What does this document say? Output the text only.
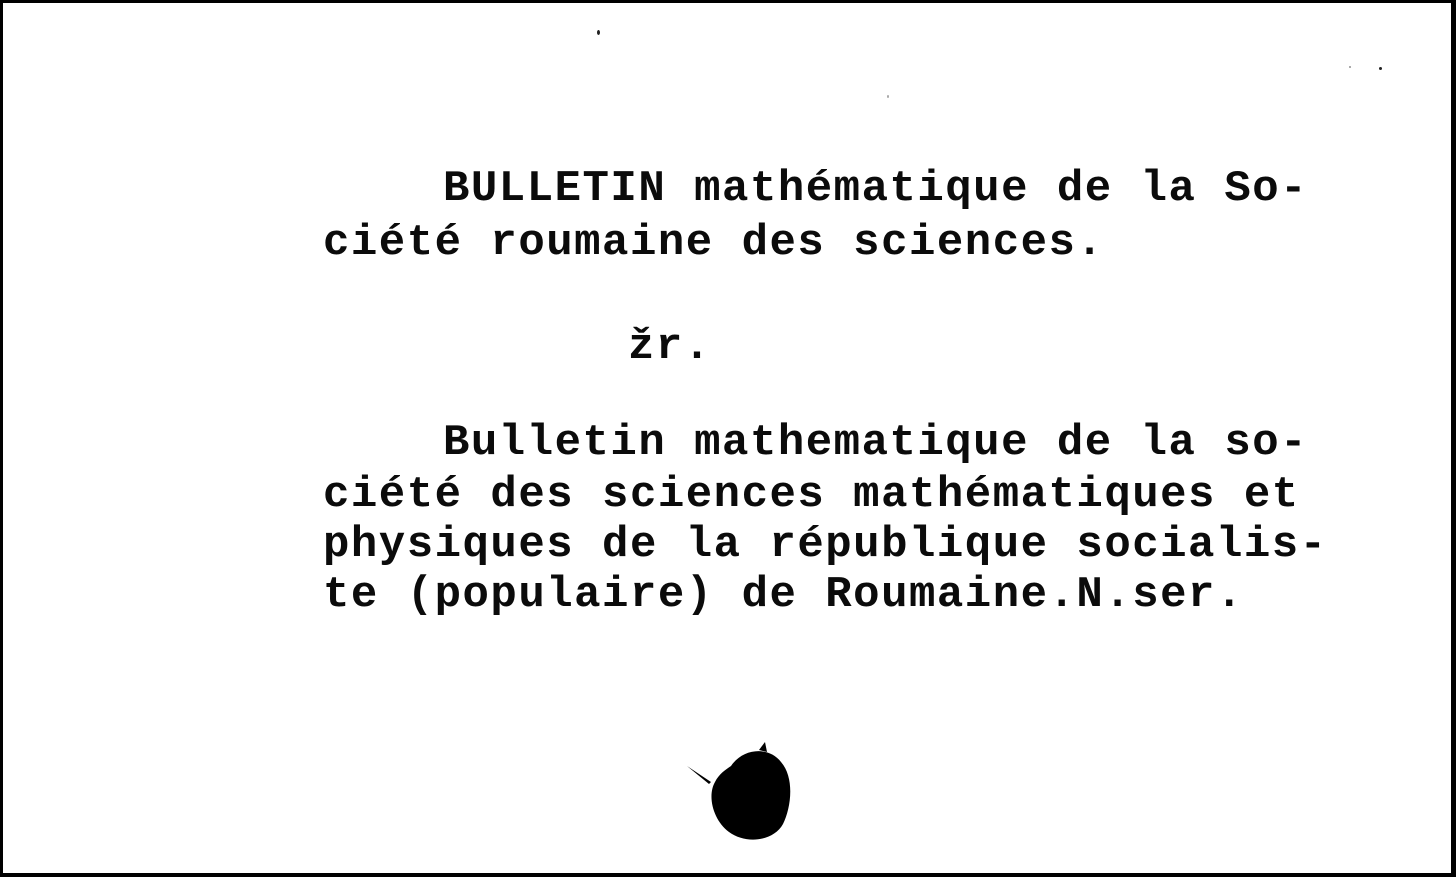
BULLETIN mathématique de la So-
ciété roumaine des sciences.
žr.
Bulletin mathematique de la so-
ciété des sciences mathématiques et
physiques de la république socialis-
te (populaire) de Roumaine.N.ser.
